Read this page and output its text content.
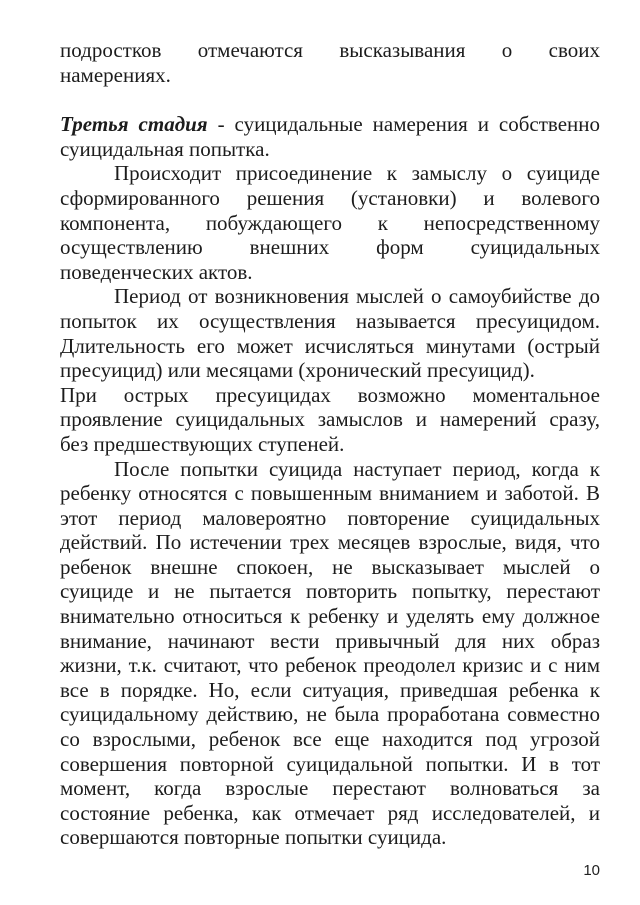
подростков отмечаются высказывания о своих
намерениях.
Третья стадия - суицидальные намерения и собственно
суицидальная попытка.
Происходит присоединение к замыслу о суициде
сформированного решения (установки) и волевого
компонента, побуждающего к непосредственному
осуществлению внешних форм суицидальных
поведенческих актов.
Период от возникновения мыслей о самоубийстве до
попыток их осуществления называется пресуицидом.
Длительность его может исчисляться минутами (острый
пресуицид) или месяцами (хронический пресуицид).
При острых пресуицидах возможно моментальное
проявление суицидальных замыслов и намерений сразу,
без предшествующих ступеней.
После попытки суицида наступает период, когда к
ребенку относятся с повышенным вниманием и заботой. В
этот период маловероятно повторение суицидальных
действий. По истечении трех месяцев взрослые, видя, что
ребенок внешне спокоен, не высказывает мыслей о
суициде и не пытается повторить попытку, перестают
внимательно относиться к ребенку и уделять ему должное
внимание, начинают вести привычный для них образ
жизни, т.к. считают, что ребенок преодолел кризис и с ним
все в порядке. Но, если ситуация, приведшая ребенка к
суицидальному действию, не была проработана совместно
со взрослыми, ребенок все еще находится под угрозой
совершения повторной суицидальной попытки. И в тот
момент, когда взрослые перестают волноваться за
состояние ребенка, как отмечает ряд исследователей, и
совершаются повторные попытки суицида.
10
